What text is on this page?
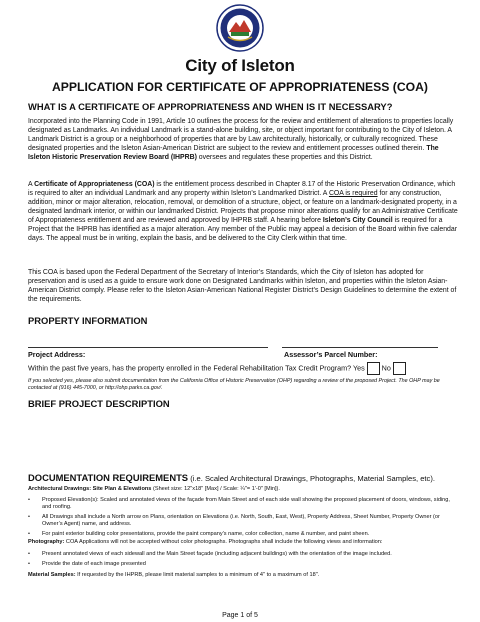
City of Isleton
APPLICATION FOR CERTIFICATE OF APPROPRIATENESS (COA)
WHAT IS A CERTIFICATE OF APPROPRIATENESS AND WHEN IS IT NECESSARY?

Incorporated into the Planning Code in 1991, Article 10 outlines the process for the review and entitlement of alterations to properties locally designated as Landmarks. An individual Landmark is a stand-alone building, site, or object important for contributing to the City of Isleton. A Landmark District is a group or a neighborhood of properties that are by Law architecturally, historically, or culturally recognized. These designated properties and the Isleton Asian-American District are subject to the review and entitlement processes outlined therein. The Isleton Historic Preservation Review Board (IHPRB) oversees and regulates these properties and this District.

A Certificate of Appropriateness (COA) is the entitlement process described in Chapter 8.17 of the Historic Preservation Ordinance, which is required to alter an individual Landmark and any property within Isleton’s Landmarked District. A COA is required for any construction, addition, minor or major alteration, relocation, removal, or demolition of a structure, object, or feature on a landmark-designated property, in a designated landmark interior, or within our landmarked District. Projects that propose minor alterations qualify for an Administrative Certificate of Appropriateness entitlement and are reviewed and approved by IHPRB staff. A hearing before Isleton’s City Council is required for a Project that the IHPRB has identified as a major alteration. Any member of the Public may appeal a decision of the Board within five calendar days. The appeal must be in writing, explain the basis, and be delivered to the City Clerk within that time.

This COA is based upon the Federal Department of the Secretary of Interior’s Standards, which the City of Isleton has adopted for preservation and is used as a guide to ensure work done on Designated Landmarks within Isleton, and properties within the Isleton Asian-American District comply. Please refer to the Isleton Asian-American National Register District’s Design Guidelines to determine the extent of the requirements.

PROPERTY INFORMATION
Project Address:	Assessor’s Parcel Number:
Within the past five years, has the property enrolled in the Federal Rehabilitation Tax Credit Program? Yes No

If you selected yes, please also submit documentation from the California Office of Historic Preservation (OHP) regarding a review of the proposed Project. The OHP may be contacted at (916) 445-7000, or http://ohp.parks.ca.gov/.

BRIEF PROJECT DESCRIPTION
DOCUMENTATION REQUIREMENTS (i.e. Scaled Architectural Drawings, Photographs, Material Samples, etc).

Architectural Drawings: Site Plan & Elevations (Sheet size: 12"x18" [Max] / Scale: ¼"= 1'-0" [Min]).

• Proposed Elevation(s): Scaled and annotated views of the façade from Main Street and of each side wall showing the proposed placement of doors, windows, siding, and roofing.
• All Drawings shall include a North arrow on Plans, orientation on Elevations (i.e. North, South, East, West), Property Address, Sheet Number, Property Owner (or Owner’s Agent) name, and address.
• For paint exterior building color presentations, provide the paint company’s name, color collection, name & number, and paint sheen.

Photography: COA Applications will not be accepted without color photographs. Photographs shall include the following views and information:

• Present annotated views of each sidewall and the Main Street façade (including adjacent buildings) with the orientation of the image included.
• Provide the date of each image presented

Material Samples: If requested by the IHPRB, please limit material samples to a minimum of 4" to a maximum of 18".

Page 1 of 5
